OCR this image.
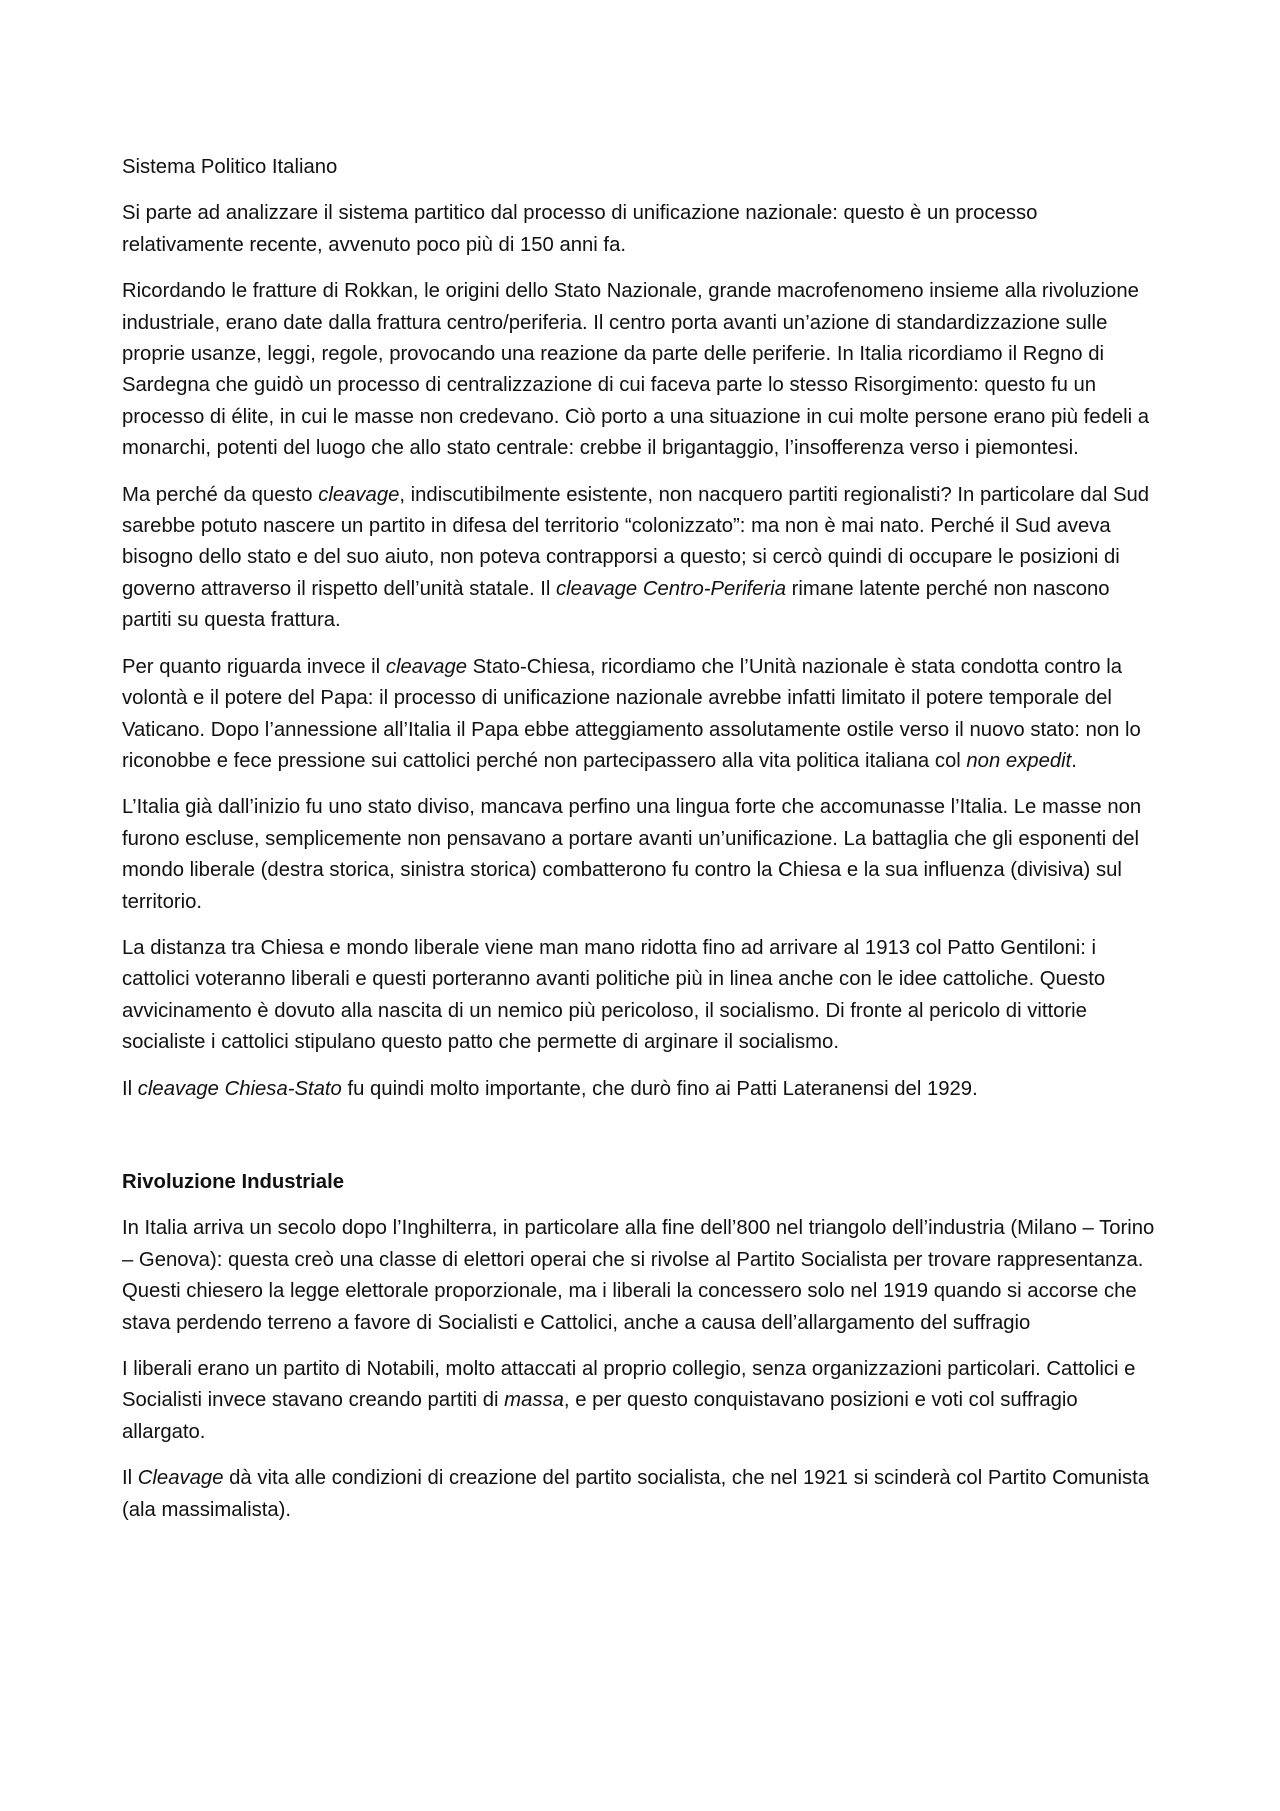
Sistema Politico Italiano

Si parte ad analizzare il sistema partitico dal processo di unificazione nazionale: questo è un processo relativamente recente, avvenuto poco più di 150 anni fa.

Ricordando le fratture di Rokkan, le origini dello Stato Nazionale, grande macrofenomeno insieme alla rivoluzione industriale, erano date dalla frattura centro/periferia. Il centro porta avanti un’azione di standardizzazione sulle proprie usanze, leggi, regole, provocando una reazione da parte delle periferie. In Italia ricordiamo il Regno di Sardegna che guidò un processo di centralizzazione di cui faceva parte lo stesso Risorgimento: questo fu un processo di élite, in cui le masse non credevano. Ciò porto a una situazione in cui molte persone erano più fedeli a monarchi, potenti del luogo che allo stato centrale: crebbe il brigantaggio, l’insofferenza verso i piemontesi.

Ma perché da questo cleavage, indiscutibilmente esistente, non nacquero partiti regionalisti? In particolare dal Sud sarebbe potuto nascere un partito in difesa del territorio “colonizzato”: ma non è mai nato. Perché il Sud aveva bisogno dello stato e del suo aiuto, non poteva contrapporsi a questo; si cercò quindi di occupare le posizioni di governo attraverso il rispetto dell’unità statale. Il cleavage Centro-Periferia rimane latente perché non nascono partiti su questa frattura.

Per quanto riguarda invece il cleavage Stato-Chiesa, ricordiamo che l’Unità nazionale è stata condotta contro la volontà e il potere del Papa: il processo di unificazione nazionale avrebbe infatti limitato il potere temporale del Vaticano. Dopo l’annessione all’Italia il Papa ebbe atteggiamento assolutamente ostile verso il nuovo stato: non lo riconobbe e fece pressione sui cattolici perché non partecipassero alla vita politica italiana col non expedit.

L’Italia già dall’inizio fu uno stato diviso, mancava perfino una lingua forte che accomunasse l’Italia. Le masse non furono escluse, semplicemente non pensavano a portare avanti un’unificazione. La battaglia che gli esponenti del mondo liberale (destra storica, sinistra storica) combatterono fu contro la Chiesa e la sua influenza (divisiva) sul territorio.

La distanza tra Chiesa e mondo liberale viene man mano ridotta fino ad arrivare al 1913 col Patto Gentiloni: i cattolici voteranno liberali e questi porteranno avanti politiche più in linea anche con le idee cattoliche. Questo avvicinamento è dovuto alla nascita di un nemico più pericoloso, il socialismo. Di fronte al pericolo di vittorie socialiste i cattolici stipulano questo patto che permette di arginare il socialismo.

Il cleavage Chiesa-Stato fu quindi molto importante, che durò fino ai Patti Lateranensi del 1929.

Rivoluzione Industriale

In Italia arriva un secolo dopo l’Inghilterra, in particolare alla fine dell’800 nel triangolo dell’industria (Milano – Torino – Genova): questa creò una classe di elettori operai che si rivolse al Partito Socialista per trovare rappresentanza. Questi chiesero la legge elettorale proporzionale, ma i liberali la concessero solo nel 1919 quando si accorse che stava perdendo terreno a favore di Socialisti e Cattolici, anche a causa dell’allargamento del suffragio

I liberali erano un partito di Notabili, molto attaccati al proprio collegio, senza organizzazioni particolari. Cattolici e Socialisti invece stavano creando partiti di massa, e per questo conquistavano posizioni e voti col suffragio allargato.

Il Cleavage dà vita alle condizioni di creazione del partito socialista, che nel 1921 si scinderà col Partito Comunista (ala massimalista).
